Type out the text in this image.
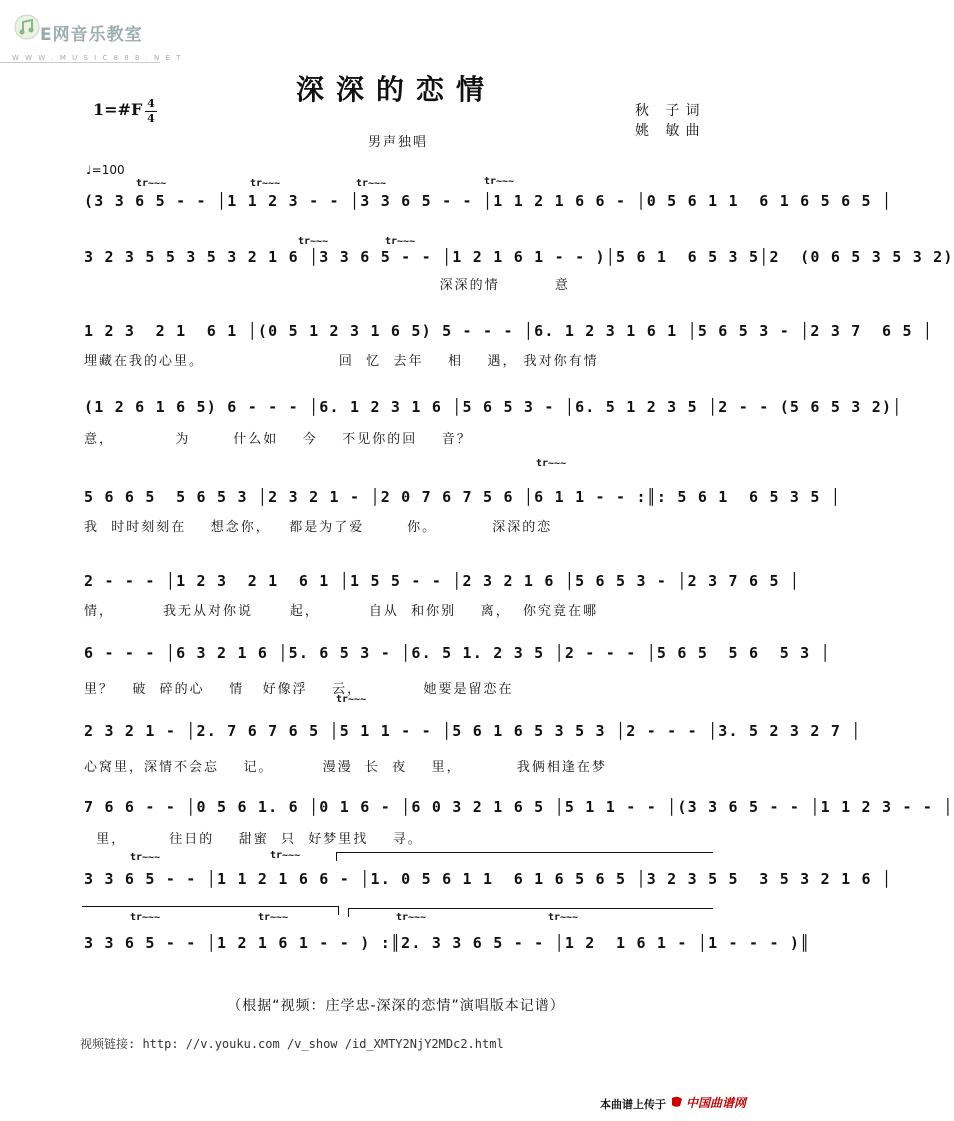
E网音乐教室
W W W . M U S I C 8 8 8 . N E T
深深的恋情
1=#F 4
4	秋 子词
姚 敏曲
男声独唱
♩=100
tr~~~	tr~~~	tr~~~	tr~~~
tr~~~	tr~~~
tr~~~
tr~~~
tr~~~	tr~~~
tr~~~	tr~~~	tr~~~	tr~~~
(3 3 6 5 - - │1 1 2 3 - - │3 3 6 5 - - │1 1 2 1 6 6 - │0 5 6 1 1  6 1 6 5 6 5 │
3 2 3 5 5 3 5 3 2 1 6 │3 3 6 5 - - │1 2 1 6 1 - - )│5 6 1  6 5 3 5│2  (0 6 5 3 5 3 2)
深深的情         意
1 2 3  2 1  6 1 │(0 5 1 2 3 1 6 5) 5 - - - │6. 1 2 3 1 6 1 │5 6 5 3 - │2 3 7  6 5 │
埋藏在我的心里。                      回  忆  去年    相    遇， 我对你有情
(1 2 6 1 6 5) 6 - - - │6. 1 2 3 1 6 │5 6 5 3 - │6. 5 1 2 3 5 │2 - - (5 6 5 3 2)│
意，          为       什么如    今    不见你的回    音？
5 6 6 5  5 6 5 3 │2 3 2 1 - │2 0 7 6 7 5 6 │6 1 1 - - :║: 5 6 1  6 5 3 5 │
我  时时刻刻在    想念你，   都是为了爱       你。         深深的恋
2 - - - │1 2 3  2 1  6 1 │1 5 5 - - │2 3 2 1 6 │5 6 5 3 - │2 3 7 6 5 │
情，        我无从对你说      起，        自从  和你别    离，  你究竟在哪
6 - - - │6 3 2 1 6 │5. 6 5 3 - │6. 5 1. 2 3 5 │2 - - - │5 6 5  5 6  5 3 │
里？   破  碎的心    情   好像浮    云，          她要是留恋在
2 3 2 1 - │2. 7 6 7 6 5 │5 1 1 - - │5 6 1 6 5 3 5 3 │2 - - - │3. 5 2 3 2 7 │
心窝里，深情不会忘    记。        漫漫  长  夜    里，         我俩相逢在梦
7 6 6 - - │0 5 6 1. 6 │0 1 6 - │6 0 3 2 1 6 5 │5 1 1 - - │(3 3 6 5 - - │1 1 2 3 - - │
里，       往日的    甜蜜  只  好梦里找    寻。
3 3 6 5 - - │1 1 2 1 6 6 - │1. 0 5 6 1 1  6 1 6 5 6 5 │3 2 3 5 5  3 5 3 2 1 6 │
3 3 6 5 - - │1 2 1 6 1 - - ) :║2. 3 3 6 5 - - │1 2  1 6 1 - │1 - - - )║
（根据“视频：庄学忠-深深的恋情”演唱版本记谱）
视频链接: http: //v.youku.com /v_show /id_XMTY2NjY2MDc2.html
本曲谱上传于 中国曲谱网
